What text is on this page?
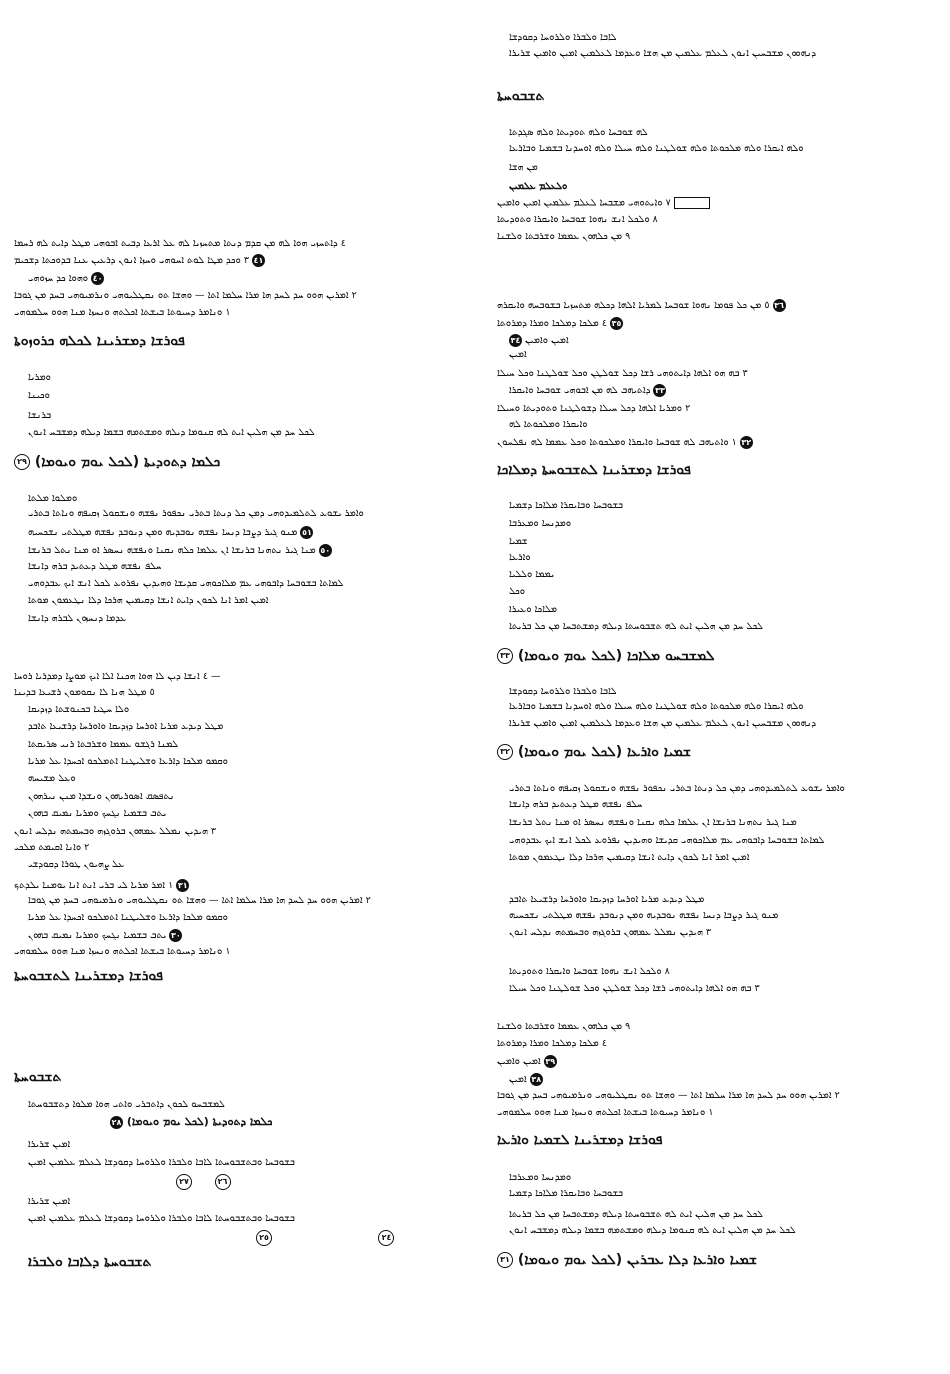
٤ ܕܐܬܚܙܝ ܗܘܐ ܠܗ ܡܢ ܩܕܡ ܕܢܬܐ ܡܬܚܙܝܐ ܠܗ ܥܠ ܐܪܥܐ ܕܒܝܬ ܐܒܘܗܝ ܡܛܠ ܕܐܝܬ ܠܗ ܪܚܡܐ
٣ ܘܟܕ ܡܛܐ ܠܘܬ ܐܚܘܗܝ ܘܚܙܐ ܐܢܘܢ ܕܪܥܝܢ ܥܢܐ ܒܕܘܟܬܐ ܕܫܟܝܡ ٤١
ܘܗܘܐ ܟܕ ܚܙܘܗܝ ٤٠
٢ ܐܡܪܝܢ ܗܘܘ ܚܕ ܠܚܕ ܗܐ ܡܪܐ ܚܠܡܐ ܐܬܐ — ܘܗܫܐ ܬܘ ܢܩܛܠܝܘܗܝ ܘܢܪܡܝܘܗܝ ܒܚܕ ܡܢ ܓܘܒܐ
١ ܘܢܐܡܪ ܕܚܝܘܬܐ ܒܝܫܬܐ ܐܟܠܬܗ ܘܢܚܙܐ ܡܢܐ ܗܘܘ ܚܠܡܘܗܝ
ܦܘܪܫܐ ܕܡܫܪܝܢܐ ܠܟܠܗ ܟܪܘܙܘܬܐ
ܘܡܪܝܐ
ܘܟܝܢܐ
ܒܪܢܫܐ
ܠܟܠ ܚܕ ܡܢ ܗܠܝܢ ܐܝܬ ܠܗ ܩܢܘܡܐ ܕܝܠܗ ܘܡܫܬܡܗ ܒܫܡܐ ܕܝܠܗ ܕܡܫܒܚ ܐܢܘܢ
٢٩ ܟܠܡܐ ܕܬܘܕܝܬܐ (ܠܟܠ ܝܘܡ ܘܝܘܡܐ)
ܘܡܠܘܐ ܡܠܬܐ
ܘܐܡܪ ܝܫܘܥ ܠܬܠܡܝܕܘܗܝ ܕܡܢ ܟܠ ܕܢܬܐ ܒܬܪܝ ܢܟܦܘܪ ܢܦܫܗ ܘܢܫܩܘܠ ܙܩܝܦܗ ܘܢܐܬܐ ܒܬܪܝ
ܡܢܘ ܓܝܪ ܕܨܒܐ ܕܢܚܐ ܢܦܫܗ ܢܘܒܕܝܗ ܘܡܢ ܕܢܘܒܕ ܢܦܫܗ ܡܛܠܬܝ ܢܫܟܚܝܗ ٥١
ܡܢܐ ܓܝܪ ܢܬܗܢܐ ܒܪܢܫܐ ܐܢ ܥܠܡܐ ܟܠܗ ܢܩܢܐ ܘܢܦܫܗ ܢܚܣܪ ܐܘ ܡܢܐ ܢܬܠ ܒܪܢܫܐ ٥٠
ܚܠܦ ܢܦܫܗ ܡܛܠ ܕܥܬܝܕ ܒܪܗ ܕܐܢܫܐ
ܠܡܐܬܐ ܒܫܘܒܚܐ ܕܐܒܘܗܝ ܥܡ ܡܠܐܟܘܗܝ ܩܕܝܫܐ ܘܗܝܕܝܢ ܢܦܪܘܥ ܠܟܠ ܐܢܫ ܐܝܟ ܥܒܕܘܗܝ
ܐܡܝܢ ܐܡܪ ܐܢܐ ܠܟܘܢ ܕܐܝܬ ܐܢܫܐ ܕܩܝܡܝܢ ܗܪܟܐ ܕܠܐ ܢܛܥܡܘܢ ܡܘܬܐ
ܥܕܡܐ ܕܢܚܙܘܢ ܠܒܪܗ ܕܐܢܫܐ
٤ ܐܢܫܐ ܕܝܢ ܠܐ ܗܘܐ ܗܟܢܐ ܐܠܐ ܐܝܟ ܡܘܨܐ ܕܡܕܪܝܐ ܪܘܚܐ —
٥ ܡܛܠ ܗܢܐ ܠܐ ܢܩܘܡܘܢ ܪܫܝܥܐ ܒܕܝܢܐ
ܘܠܐ ܚܛܝܐ ܒܟܢܘܫܬܐ ܕܙܕܝܩܐ
ܡܛܠ ܕܝܕܥ ܡܪܝܐ ܐܘܪܚܐ ܕܙܕܝܩܐ ܘܐܘܪܚܐ ܕܪܫܝܥܐ ܬܐܒܕ
ܠܡܢܐ ܪܓܫܘ ܥܡܡܐ ܘܫܪܒܬܐ ܪܢܝ ܣܪܝܩܬܐ
ܘܩܡܘ ܡܠܟܐ ܕܐܪܥܐ ܘܫܠܝܛܢܐ ܐܬܡܠܟܘ ܐܟܚܕܐ ܥܠ ܡܪܝܐ
ܘܥܠ ܡܫܝܚܗ
ܢܬܦܣܩ ܐܣܘܪܝܗܘܢ ܘܢܫܕܐ ܡܢܢ ܢܝܪܗܘܢ
ܝܬܒ ܒܫܡܝܐ ܢܓܚܟ ܘܡܪܝܐ ܢܡܝܩ ܒܗܘܢ
٣ ܗܝܕܝܢ ܢܡܠܠ ܥܡܗܘܢ ܒܪܘܓܙܗ ܘܒܚܡܬܗ ܢܕܠܚ ܐܢܘܢ
٢ ܘܐܢܐ ܐܩܝܡܬ ܡܠܟܝ
ܥܠ ܨܗܝܘܢ ܛܘܪܐ ܕܩܘܕܫܝ
١ ܐܡܪ ܡܪܝܐ ܠܝ ܒܪܝ ܐܢܬ ܐܢܐ ܝܘܡܢܐ ܝܠܕܬܟ ٣١
٢ ܐܡܪܝܢ ܗܘܘ ܚܕ ܠܚܕ ܗܐ ܡܪܐ ܚܠܡܐ ܐܬܐ — ܘܗܫܐ ܬܘ ܢܩܛܠܝܘܗܝ ܘܢܪܡܝܘܗܝ ܒܚܕ ܡܢ ܓܘܒܐ
ܘܩܡܘ ܡܠܟܐ ܕܐܪܥܐ ܘܫܠܝܛܢܐ ܐܬܡܠܟܘ ܐܟܚܕܐ ܥܠ ܡܪܝܐ
ܝܬܒ ܒܫܡܝܐ ܢܓܚܟ ܘܡܪܝܐ ܢܡܝܩ ܒܗܘܢ ٣٠
١ ܘܢܐܡܪ ܕܚܝܘܬܐ ܒܝܫܬܐ ܐܟܠܬܗ ܘܢܚܙܐ ܡܢܐ ܗܘܘ ܚܠܡܘܗܝ
ܦܘܪܫܐ ܕܡܫܪܝܢܐ ܠܬܫܒܘܚܬܐ
ܬܫܒܘܚܬܐ
ܠܡܫܒܚܘ ܠܟܘܢ ܕܐܬܒܪܝ ܘܐܬܝ ܗܘܐ ܡܠܘܐ ܕܬܫܒܘܚܬܐ
٢٨ ܟܠܡܐ ܕܬܘܕܝܬܐ (ܠܟܠ ܝܘܡ ܘܝܘܡܐ)
ܐܡܝܢ ܫܪܝܪܐ
ܒܫܘܒܚܐ ܘܒܬܫܒܘܚܬܐ ܠܐܒܐ ܘܠܒܪܐ ܘܠܪܘܚܐ ܕܩܘܕܫܐ ܠܥܠܡ ܥܠܡܝܢ ܐܡܝܢ
٢٧	٢٦
ܐܡܝܢ ܫܪܝܪܐ
ܒܫܘܒܚܐ ܘܒܬܫܒܘܚܬܐ ܠܐܒܐ ܘܠܒܪܐ ܘܠܪܘܚܐ ܕܩܘܕܫܐ ܠܥܠܡ ܥܠܡܝܢ ܐܡܝܢ
٢٥	٢٤
ܬܫܒܘܚܬܐ ܕܠܐܒܐ ܘܠܒܪܐ
ܠܐܒܐ ܘܠܒܪܐ ܘܠܪܘܚܐ ܕܩܘܕܫܐ
ܕܢܗܘܘܢ ܡܫܒܚܝܢ ܐܢܘܢ ܠܥܠܡ ܥܠܡܝܢ ܡܢ ܗܫܐ ܘܥܕܡܐ ܠܥܠܡܝܢ ܐܡܝܢ ܘܐܡܝܢ ܫܪܝܪܐ
ܬܫܒܘܚܬܐ
ܠܗ ܫܘܒܚܐ ܘܠܗ ܬܘܕܝܬܐ ܘܠܗ ܣܓܕܬܐ
ܘܠܗ ܐܝܩܪܐ ܘܠܗ ܡܠܟܘܬܐ ܘܠܗ ܫܘܠܛܢܐ ܘܠܗ ܚܝܠܐ ܘܠܗ ܐܘܚܕܢܐ ܒܫܡܝܐ ܘܒܐܪܥܐ
ܡܢ ܗܫܐ
ܘܠܥܠܡ ܥܠܡܝܢ
٧ ܘܐܝܬܘܗܝ ܡܫܒܚܐ ܠܥܠܡ ܥܠܡܝܢ ܐܡܝܢ ܘܐܡܝܢ
٨ ܘܠܟܠ ܐܢܫ ܢܗܘܐ ܫܘܒܚܐ ܘܐܝܩܪܐ ܘܬܘܕܝܬܐ
٩ ܡܢ ܟܠܗܘܢ ܥܡܡܐ ܘܫܪܒܬܐ ܘܠܫܢܐ
٥ ܡܢ ܟܠ ܦܘܡܐ ܢܗܘܐ ܫܘܒܚܐ ܠܡܪܝܐ ܐܠܗܐ ܕܟܠܗ ܡܬܚܙܝܐ ܒܫܘܒܚܗ ܘܐܝܩܪܗ ٣٦
٤ ܡܠܟܐ ܕܡܠܟܐ ܘܡܪܐ ܕܡܪܘܬܐ ٣٥
٣٤ ܐܡܝܢ ܘܐܡܝܢ
ܐܡܝܢ
٣ ܒܗ ܗܘ ܐܠܗܐ ܕܐܝܬܘܗܝ ܪܫܐ ܕܟܠ ܫܘܠܛܢ ܘܟܠ ܫܘܠܛܢܐ ܘܟܠ ܚܝܠܐ
ܕܐܬܝܗܒ ܠܗ ܡܢ ܐܒܘܗܝ ܫܘܒܚܐ ܘܐܝܩܪܐ ٣٣
٢ ܘܡܪܝܐ ܐܠܗܐ ܕܟܠ ܚܝܠܐ ܕܫܘܠܛܢܐ ܘܬܘܕܝܬܐ ܘܚܝܠܐ
ܘܐܝܩܪܐ ܘܡܠܟܘܬܐ ܠܗ
١ ܘܐܬܝܗܒ ܠܗ ܫܘܒܚܐ ܘܐܝܩܪܐ ܘܡܠܟܘܬܐ ܘܟܠ ܥܡܡܐ ܠܗ ܢܦܠܚܘܢ ٣٢
ܦܘܪܫܐ ܕܡܫܪܝܢܐ ܠܬܫܒܘܚܬܐ ܕܡܠܐܟܐ
ܒܫܘܒܚܐ ܘܒܐܝܩܪܐ ܡܠܐܟܐ ܕܫܡܝܐ
ܘܡܕܢܚܐ ܘܡܥܪܒܐ
ܫܡܝܐ
ܘܐܪܥܐ
ܝܡܡܐ ܘܠܠܝܐ
ܘܟܠ
ܡܠܐܟܐ ܘܥܝܪܐ
ܠܟܠ ܚܕ ܡܢ ܗܠܝܢ ܐܝܬ ܠܗ ܬܫܒܘܚܬܐ ܕܝܠܗ ܕܡܫܬܒܚܐ ܡܢ ܟܠ ܒܪܝܬܐ
٣٣ ܠܡܫܒܚܘ ܡܠܐܟܐ (ܠܟܠ ܝܘܡ ܘܝܘܡܐ)
ܠܐܒܐ ܘܠܒܪܐ ܘܠܪܘܚܐ ܕܩܘܕܫܐ
ܘܠܗ ܐܝܩܪܐ ܘܠܗ ܡܠܟܘܬܐ ܘܠܗ ܫܘܠܛܢܐ ܘܠܗ ܚܝܠܐ ܘܠܗ ܐܘܚܕܢܐ ܒܫܡܝܐ ܘܒܐܪܥܐ
ܕܢܗܘܘܢ ܡܫܒܚܝܢ ܐܢܘܢ ܠܥܠܡ ܥܠܡܝܢ ܡܢ ܗܫܐ ܘܥܕܡܐ ܠܥܠܡܝܢ ܐܡܝܢ ܘܐܡܝܢ ܫܪܝܪܐ
٣٢ ܫܡܝܐ ܘܐܪܥܐ (ܠܟܠ ܝܘܡ ܘܝܘܡܐ)
ܘܐܡܪ ܝܫܘܥ ܠܬܠܡܝܕܘܗܝ ܕܡܢ ܟܠ ܕܢܬܐ ܒܬܪܝ ܢܟܦܘܪ ܢܦܫܗ ܘܢܫܩܘܠ ܙܩܝܦܗ ܘܢܐܬܐ ܒܬܪܝ
ܚܠܦ ܢܦܫܗ ܡܛܠ ܕܥܬܝܕ ܒܪܗ ܕܐܢܫܐ
ܡܢܐ ܓܝܪ ܢܬܗܢܐ ܒܪܢܫܐ ܐܢ ܥܠܡܐ ܟܠܗ ܢܩܢܐ ܘܢܦܫܗ ܢܚܣܪ ܐܘ ܡܢܐ ܢܬܠ ܒܪܢܫܐ
ܠܡܐܬܐ ܒܫܘܒܚܐ ܕܐܒܘܗܝ ܥܡ ܡܠܐܟܘܗܝ ܩܕܝܫܐ ܘܗܝܕܝܢ ܢܦܪܘܥ ܠܟܠ ܐܢܫ ܐܝܟ ܥܒܕܘܗܝ
ܐܡܝܢ ܐܡܪ ܐܢܐ ܠܟܘܢ ܕܐܝܬ ܐܢܫܐ ܕܩܝܡܝܢ ܗܪܟܐ ܕܠܐ ܢܛܥܡܘܢ ܡܘܬܐ
ܡܛܠ ܕܝܕܥ ܡܪܝܐ ܐܘܪܚܐ ܕܙܕܝܩܐ ܘܐܘܪܚܐ ܕܪܫܝܥܐ ܬܐܒܕ
ܡܢܘ ܓܝܪ ܕܨܒܐ ܕܢܚܐ ܢܦܫܗ ܢܘܒܕܝܗ ܘܡܢ ܕܢܘܒܕ ܢܦܫܗ ܡܛܠܬܝ ܢܫܟܚܝܗ
٣ ܗܝܕܝܢ ܢܡܠܠ ܥܡܗܘܢ ܒܪܘܓܙܗ ܘܒܚܡܬܗ ܢܕܠܚ ܐܢܘܢ
٨ ܘܠܟܠ ܐܢܫ ܢܗܘܐ ܫܘܒܚܐ ܘܐܝܩܪܐ ܘܬܘܕܝܬܐ
٣ ܒܗ ܗܘ ܐܠܗܐ ܕܐܝܬܘܗܝ ܪܫܐ ܕܟܠ ܫܘܠܛܢ ܘܟܠ ܫܘܠܛܢܐ ܘܟܠ ܚܝܠܐ
٩ ܡܢ ܟܠܗܘܢ ܥܡܡܐ ܘܫܪܒܬܐ ܘܠܫܢܐ
٤ ܡܠܟܐ ܕܡܠܟܐ ܘܡܪܐ ܕܡܪܘܬܐ
ܐܡܝܢ ܘܐܡܝܢ ٣٩
ܐܡܝܢ ٣٨
٢ ܐܡܪܝܢ ܗܘܘ ܚܕ ܠܚܕ ܗܐ ܡܪܐ ܚܠܡܐ ܐܬܐ — ܘܗܫܐ ܬܘ ܢܩܛܠܝܘܗܝ ܘܢܪܡܝܘܗܝ ܒܚܕ ܡܢ ܓܘܒܐ
١ ܘܢܐܡܪ ܕܚܝܘܬܐ ܒܝܫܬܐ ܐܟܠܬܗ ܘܢܚܙܐ ܡܢܐ ܗܘܘ ܚܠܡܘܗܝ
ܦܘܪܫܐ ܕܡܫܪܝܢܐ ܠܫܡܝܐ ܘܐܪܥܐ
ܘܡܕܢܚܐ ܘܡܥܪܒܐ
ܒܫܘܒܚܐ ܘܒܐܝܩܪܐ ܡܠܐܟܐ ܕܫܡܝܐ
ܠܟܠ ܚܕ ܡܢ ܗܠܝܢ ܐܝܬ ܠܗ ܬܫܒܘܚܬܐ ܕܝܠܗ ܕܡܫܬܒܚܐ ܡܢ ܟܠ ܒܪܝܬܐ
ܠܟܠ ܚܕ ܡܢ ܗܠܝܢ ܐܝܬ ܠܗ ܩܢܘܡܐ ܕܝܠܗ ܘܡܫܬܡܗ ܒܫܡܐ ܕܝܠܗ ܕܡܫܒܚ ܐܢܘܢ
٣١ ܫܡܝܐ ܘܐܪܥܐ ܕܠܐ ܥܒܪܝܢ (ܠܟܠ ܝܘܡ ܘܝܘܡܐ)
